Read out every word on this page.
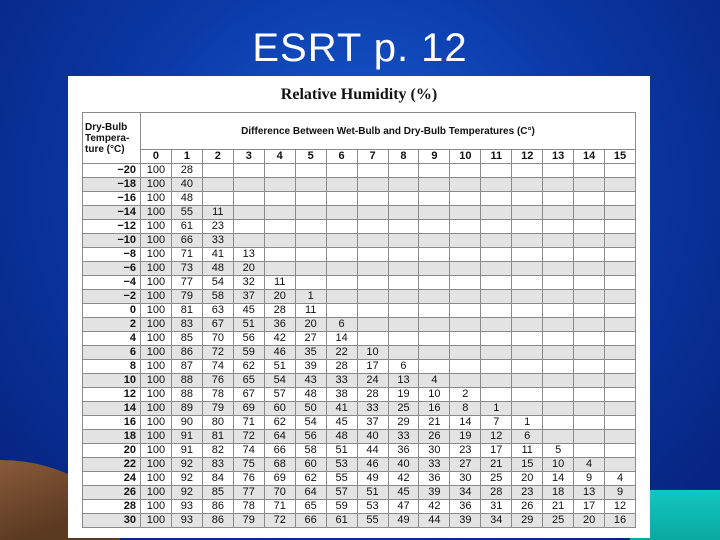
ESRT p. 12
Relative Humidity (%)
Dry-Bulb Tempera-ture (°C)	Difference Between Wet-Bulb and Dry-Bulb Temperatures (C°)															
	0	1	2	3	4	5	6	7	8	9	10	11	12	13	14	15
−20	100	28														
−18	100	40														
−16	100	48														
−14	100	55	11													
−12	100	61	23													
−10	100	66	33													
−8	100	71	41	13												
−6	100	73	48	20												
−4	100	77	54	32	11											
−2	100	79	58	37	20	1										
0	100	81	63	45	28	11										
2	100	83	67	51	36	20	6									
4	100	85	70	56	42	27	14									
6	100	86	72	59	46	35	22	10								
8	100	87	74	62	51	39	28	17	6							
10	100	88	76	65	54	43	33	24	13	4						
12	100	88	78	67	57	48	38	28	19	10	2					
14	100	89	79	69	60	50	41	33	25	16	8	1				
16	100	90	80	71	62	54	45	37	29	21	14	7	1			
18	100	91	81	72	64	56	48	40	33	26	19	12	6			
20	100	91	82	74	66	58	51	44	36	30	23	17	11	5		
22	100	92	83	75	68	60	53	46	40	33	27	21	15	10	4	
24	100	92	84	76	69	62	55	49	42	36	30	25	20	14	9	4
26	100	92	85	77	70	64	57	51	45	39	34	28	23	18	13	9
28	100	93	86	78	71	65	59	53	47	42	36	31	26	21	17	12
30	100	93	86	79	72	66	61	55	49	44	39	34	29	25	20	16
